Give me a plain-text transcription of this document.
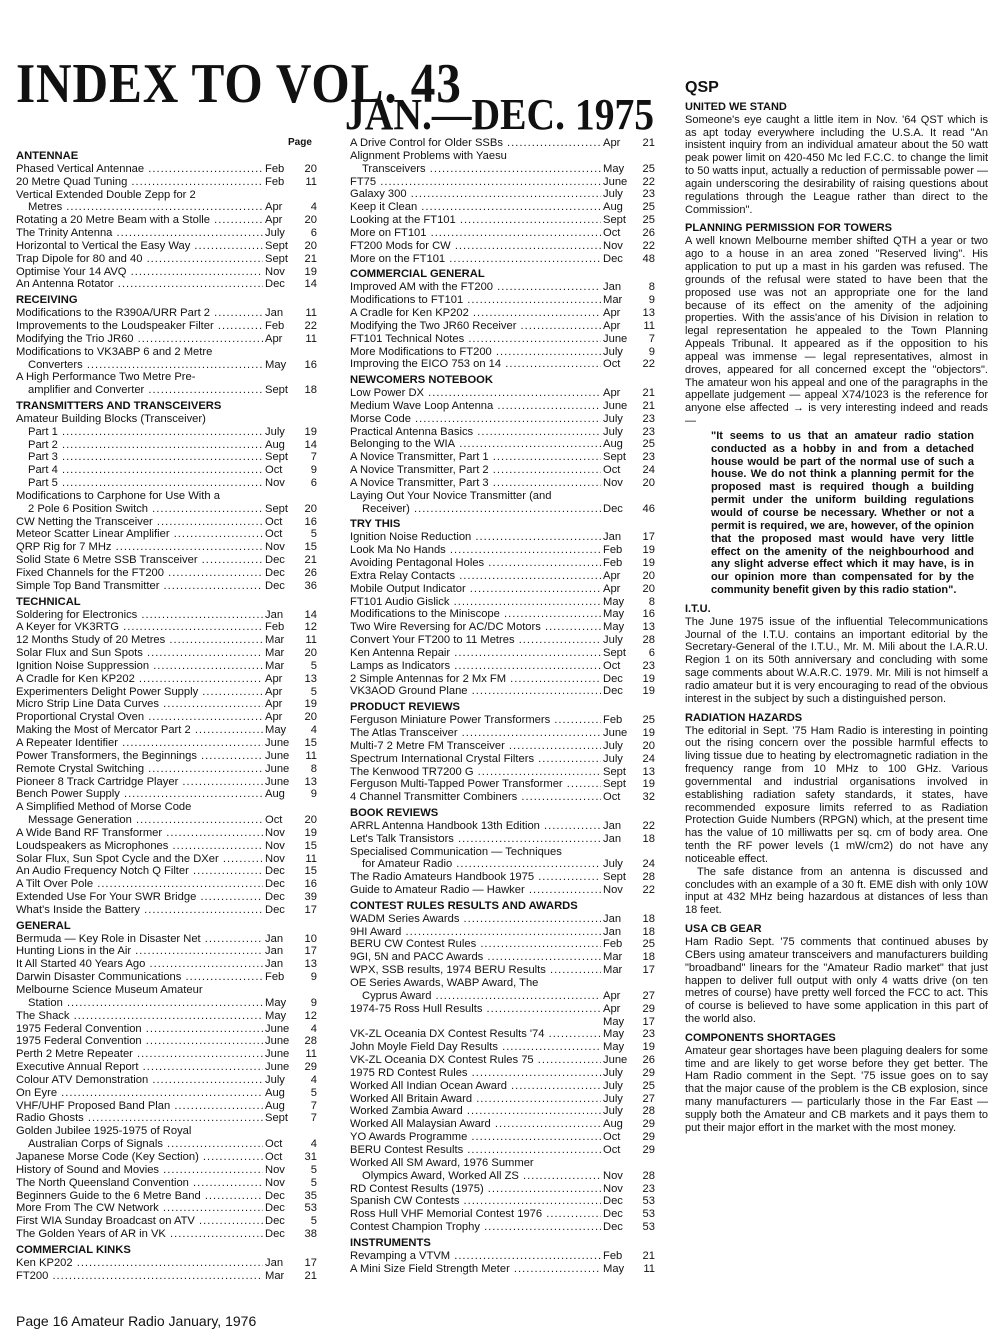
INDEX TO VOL. 43
JAN.—DEC. 1975
Page
ANTENNAE
Phased Vertical Antennae .....	Feb	20
20 Metre Quad Tuning .....	Feb	11
Vertical Extended Double Zepp for 2
Metres .....	Apr	4
Rotating a 20 Metre Beam with a Stolle .....	Apr	20
The Trinity Antenna .....	July	6
Horizontal to Vertical the Easy Way .....	Sept	20
Trap Dipole for 80 and 40 .....	Sept	21
Optimise Your 14 AVQ .....	Nov	19
An Antenna Rotator .....	Dec	14
RECEIVING
Modifications to the R390A/URR Part 2 .....	Jan	11
Improvements to the Loudspeaker Filter .....	Feb	22
Modifying the Trio JR60 .....	Apr	11
Modifications to VK3ABP 6 and 2 Metre
Converters .....	May	16
A High Performance Two Metre Pre-
amplifier and Converter .....	Sept	18
TRANSMITTERS AND TRANSCEIVERS
Amateur Building Blocks (Transceiver)
Part 1 .....	July	19
Part 2 .....	Aug	14
Part 3 .....	Sept	7
Part 4 .....	Oct	9
Part 5 .....	Nov	6
Modifications to Carphone for Use With a
2 Pole 6 Position Switch .....	Sept	20
CW Netting the Transceiver .....	Oct	16
Meteor Scatter Linear Amplifier .....	Oct	5
QRP Rig for 7 MHz .....	Nov	15
Solid State 6 Metre SSB Transceiver .....	Dec	21
Fixed Channels for the FT200 .....	Dec	26
Simple Top Band Transmitter .....	Dec	36
TECHNICAL
Soldering for Electronics .....	Jan	14
A Keyer for VK3RTG .....	Feb	12
12 Months Study of 20 Metres .....	Mar	11
Solar Flux and Sun Spots .....	Mar	20
Ignition Noise Suppression .....	Mar	5
A Cradle for Ken KP202 .....	Apr	13
Experimenters Delight Power Supply .....	Apr	5
Micro Strip Line Data Curves .....	Apr	19
Proportional Crystal Oven .....	Apr	20
Making the Most of Mercator Part 2 .....	May	4
A Repeater Identifier .....	June	15
Power Transformers, the Beginnings .....	June	11
Remote Crystal Switching .....	June	8
Pioneer 8 Track Cartridge Player .....	June	13
Bench Power Supply .....	Aug	9
A Simplified Method of Morse Code
Message Generation .....	Oct	20
A Wide Band RF Transformer .....	Nov	19
Loudspeakers as Microphones .....	Nov	15
Solar Flux, Sun Spot Cycle and the DXer .....	Nov	11
An Audio Frequency Notch Q Filter .....	Dec	15
A Tilt Over Pole .....	Dec	16
Extended Use For Your SWR Bridge .....	Dec	39
What's Inside the Battery .....	Dec	17
GENERAL
Bermuda — Key Role in Disaster Net .....	Jan	10
Hunting Lions in the Air .....	Jan	17
It All Started 40 Years Ago .....	Jan	13
Darwin Disaster Communications .....	Feb	9
Melbourne Science Museum Amateur
Station .....	May	9
The Shack .....	May	12
1975 Federal Convention .....	June	4
1975 Federal Convention .....	June	28
Perth 2 Metre Repeater .....	June	11
Executive Annual Report .....	June	29
Colour ATV Demonstration .....	July	4
On Eyre .....	Aug	5
VHF/UHF Proposed Band Plan .....	Aug	7
Radio Ghosts .....	Sept	7
Golden Jubilee 1925-1975 of Royal
Australian Corps of Signals .....	Oct	4
Japanese Morse Code (Key Section) .....	Oct	31
History of Sound and Movies .....	Nov	5
The North Queensland Convention .....	Nov	5
Beginners Guide to the 6 Metre Band .....	Dec	35
More From The CW Network .....	Dec	53
First WIA Sunday Broadcast on ATV .....	Dec	5
The Golden Years of AR in VK .....	Dec	38
COMMERCIAL KINKS
Ken KP202 .....	Jan	17
FT200 .....	Mar	21
A Drive Control for Older SSBs .....	Apr	21
Alignment Problems with Yaesu
Transceivers .....	May	25
FT75 .....	June	22
Galaxy 300 .....	July	23
Keep it Clean .....	Aug	25
Looking at the FT101 .....	Sept	25
More on FT101 .....	Oct	26
FT200 Mods for CW .....	Nov	22
More on the FT101 .....	Dec	48
COMMERCIAL GENERAL
Improved AM with the FT200 .....	Jan	8
Modifications to FT101 .....	Mar	9
A Cradle for Ken KP202 .....	Apr	13
Modifying the Two JR60 Receiver .....	Apr	11
FT101 Technical Notes .....	June	7
More Modifications to FT200 .....	July	9
Improving the EICO 753 on 14 .....	Oct	22
NEWCOMERS NOTEBOOK
Low Power DX .....	Apr	21
Medium Wave Loop Antenna .....	June	21
Morse Code .....	July	23
Practical Antenna Basics .....	July	23
Belonging to the WIA .....	Aug	25
A Novice Transmitter, Part 1 .....	Sept	23
A Novice Transmitter, Part 2 .....	Oct	24
A Novice Transmitter, Part 3 .....	Nov	20
Laying Out Your Novice Transmitter (and
Receiver) .....	Dec	46
TRY THIS
Ignition Noise Reduction .....	Jan	17
Look Ma No Hands .....	Feb	19
Avoiding Pentagonal Holes .....	Feb	19
Extra Relay Contacts .....	Apr	20
Mobile Output Indicator .....	Apr	20
FT101 Audio Gislick .....	May	8
Modifications to the Miniscope .....	May	16
Two Wire Reversing for AC/DC Motors .....	May	13
Convert Your FT200 to 11 Metres .....	July	28
Ken Antenna Repair .....	Sept	6
Lamps as Indicators .....	Oct	23
2 Simple Antennas for 2 Mx FM .....	Dec	19
VK3AOD Ground Plane .....	Dec	19
PRODUCT REVIEWS
Ferguson Miniature Power Transformers .....	Feb	25
The Atlas Transceiver .....	June	19
Multi-7 2 Metre FM Transceiver .....	July	20
Spectrum International Crystal Filters .....	July	24
The Kenwood TR7200 G .....	Sept	13
Ferguson Multi-Tapped Power Transformer .....	Sept	19
4 Channel Transmitter Combiners .....	Oct	32
BOOK REVIEWS
ARRL Antenna Handbook 13th Edition .....	Jan	22
Let's Talk Transistors .....	Jan	18
Specialised Communication — Techniques
for Amateur Radio .....	July	24
The Radio Amateurs Handbook 1975 .....	Sept	28
Guide to Amateur Radio — Hawker .....	Nov	22
CONTEST RULES RESULTS AND AWARDS
WADM Series Awards .....	Jan	18
9HI Award .....	Jan	18
BERU CW Contest Rules .....	Feb	25
9GI, 5N and PACC Awards .....	Mar	18
WPX, SSB results, 1974 BERU Results .....	Mar	17
OE Series Awards, WABP Award, The
Cyprus Award .....	Apr	27
1974-75 Ross Hull Results .....	Apr	29
May	17
VK-ZL Oceania DX Contest Results '74 .....	May	23
John Moyle Field Day Results .....	May	19
VK-ZL Oceania DX Contest Rules 75 .....	June	26
1975 RD Contest Rules .....	July	29
Worked All Indian Ocean Award .....	July	25
Worked All Britain Award .....	July	27
Worked Zambia Award .....	July	28
Worked All Malaysian Award .....	Aug	29
YO Awards Programme .....	Oct	29
BERU Contest Results .....	Oct	29
Worked All SM Award, 1976 Summer
Olympics Award, Worked All ZS .....	Nov	28
RD Contest Results (1975) .....	Nov	23
Spanish CW Contests .....	Dec	53
Ross Hull VHF Memorial Contest 1976 .....	Dec	53
Contest Champion Trophy .....	Dec	53
INSTRUMENTS
Revamping a VTVM .....	Feb	21
A Mini Size Field Strength Meter .....	May	11
QSP
UNITED WE STAND

Someone's eye caught a little item in Nov. '64 QST which is as apt today everywhere including the U.S.A. It read "An insistent inquiry from an individual amateur about the 50 watt peak power limit on 420-450 Mc led F.C.C. to change the limit to 50 watts input, actually a reduction of permissable power — again underscoring the desirability of raising questions about regulations through the League rather than direct to the Commission".

PLANNING PERMISSION FOR TOWERS

A well known Melbourne member shifted QTH a year or two ago to a house in an area zoned "Reserved living". His application to put up a mast in his garden was refused. The grounds of the refusal were stated to have been that the proposed use was not an appropriate one for the land because of its effect on the amenity of the adjoining properties. With the assis'ance of his Division in relation to legal representation he appealed to the Town Planning Appeals Tribunal. It appeared as if the opposition to his appeal was immense — legal representatives, almost in droves, appeared for all concerned except the "objectors". The amateur won his appeal and one of the paragraphs in the appellate judgement — appeal X74/1023 is the reference for anyone else affected → is very interesting indeed and reads —

"It seems to us that an amateur radio station conducted as a hobby in and from a detached house would be part of the normal use of such a house. We do not think a planning permit for the proposed mast is required though a building permit under the uniform building regulations would of course be necessary. Whether or not a permit is required, we are, however, of the opinion that the proposed mast would have very little effect on the amenity of the neighbourhood and any slight adverse effect which it may have, is in our opinion more than compensated for by the community benefit given by this radio station".

I.T.U.

The June 1975 issue of the influential Telecommunications Journal of the I.T.U. contains an important editorial by the Secretary-General of the I.T.U., Mr. M. Mili about the I.A.R.U. Region 1 on its 50th anniversary and concluding with some sage comments about W.A.R.C. 1979. Mr. Mili is not himself a radio amateur but it is very encouraging to read of the obvious interest in the subject by such a distinguished person.

RADIATION HAZARDS

The editorial in Sept. '75 Ham Radio is interesting in pointing out the rising concern over the possible harmful effects to living tissue due to heating by electromagnetic radiation in the frequency range from 10 MHz to 100 GHz. Various governmental and industrial organisations involved in establishing radiation safety standards, it states, have recommended exposure limits referred to as Radiation Protection Guide Numbers (RPGN) which, at the present time has the value of 10 milliwatts per sq. cm of body area. One tenth the RF power levels (1 mW/cm2) do not have any noticeable effect.

The safe distance from an antenna is discussed and concludes with an example of a 30 ft. EME dish with only 10W input at 432 MHz being hazardous at distances of less than 18 feet.

USA CB GEAR

Ham Radio Sept. '75 comments that continued abuses by CBers using amateur transceivers and manufacturers building "broadband" linears for the "Amateur Radio market" that just happen to deliver full output with only 4 watts drive (on ten metres of course) have pretty well forced the FCC to act. This of course is believed to have some application in this part of the world also.

COMPONENTS SHORTAGES

Amateur gear shortages have been plaguing dealers for some time and are likely to get worse before they get better. The Ham Radio comment in the Sept. '75 issue goes on to say that the major cause of the problem is the CB explosion, since many manufacturers — particularly those in the Far East — supply both the Amateur and CB markets and it pays them to put their major effort in the market with the most money.

Page 16 Amateur Radio January, 1976
